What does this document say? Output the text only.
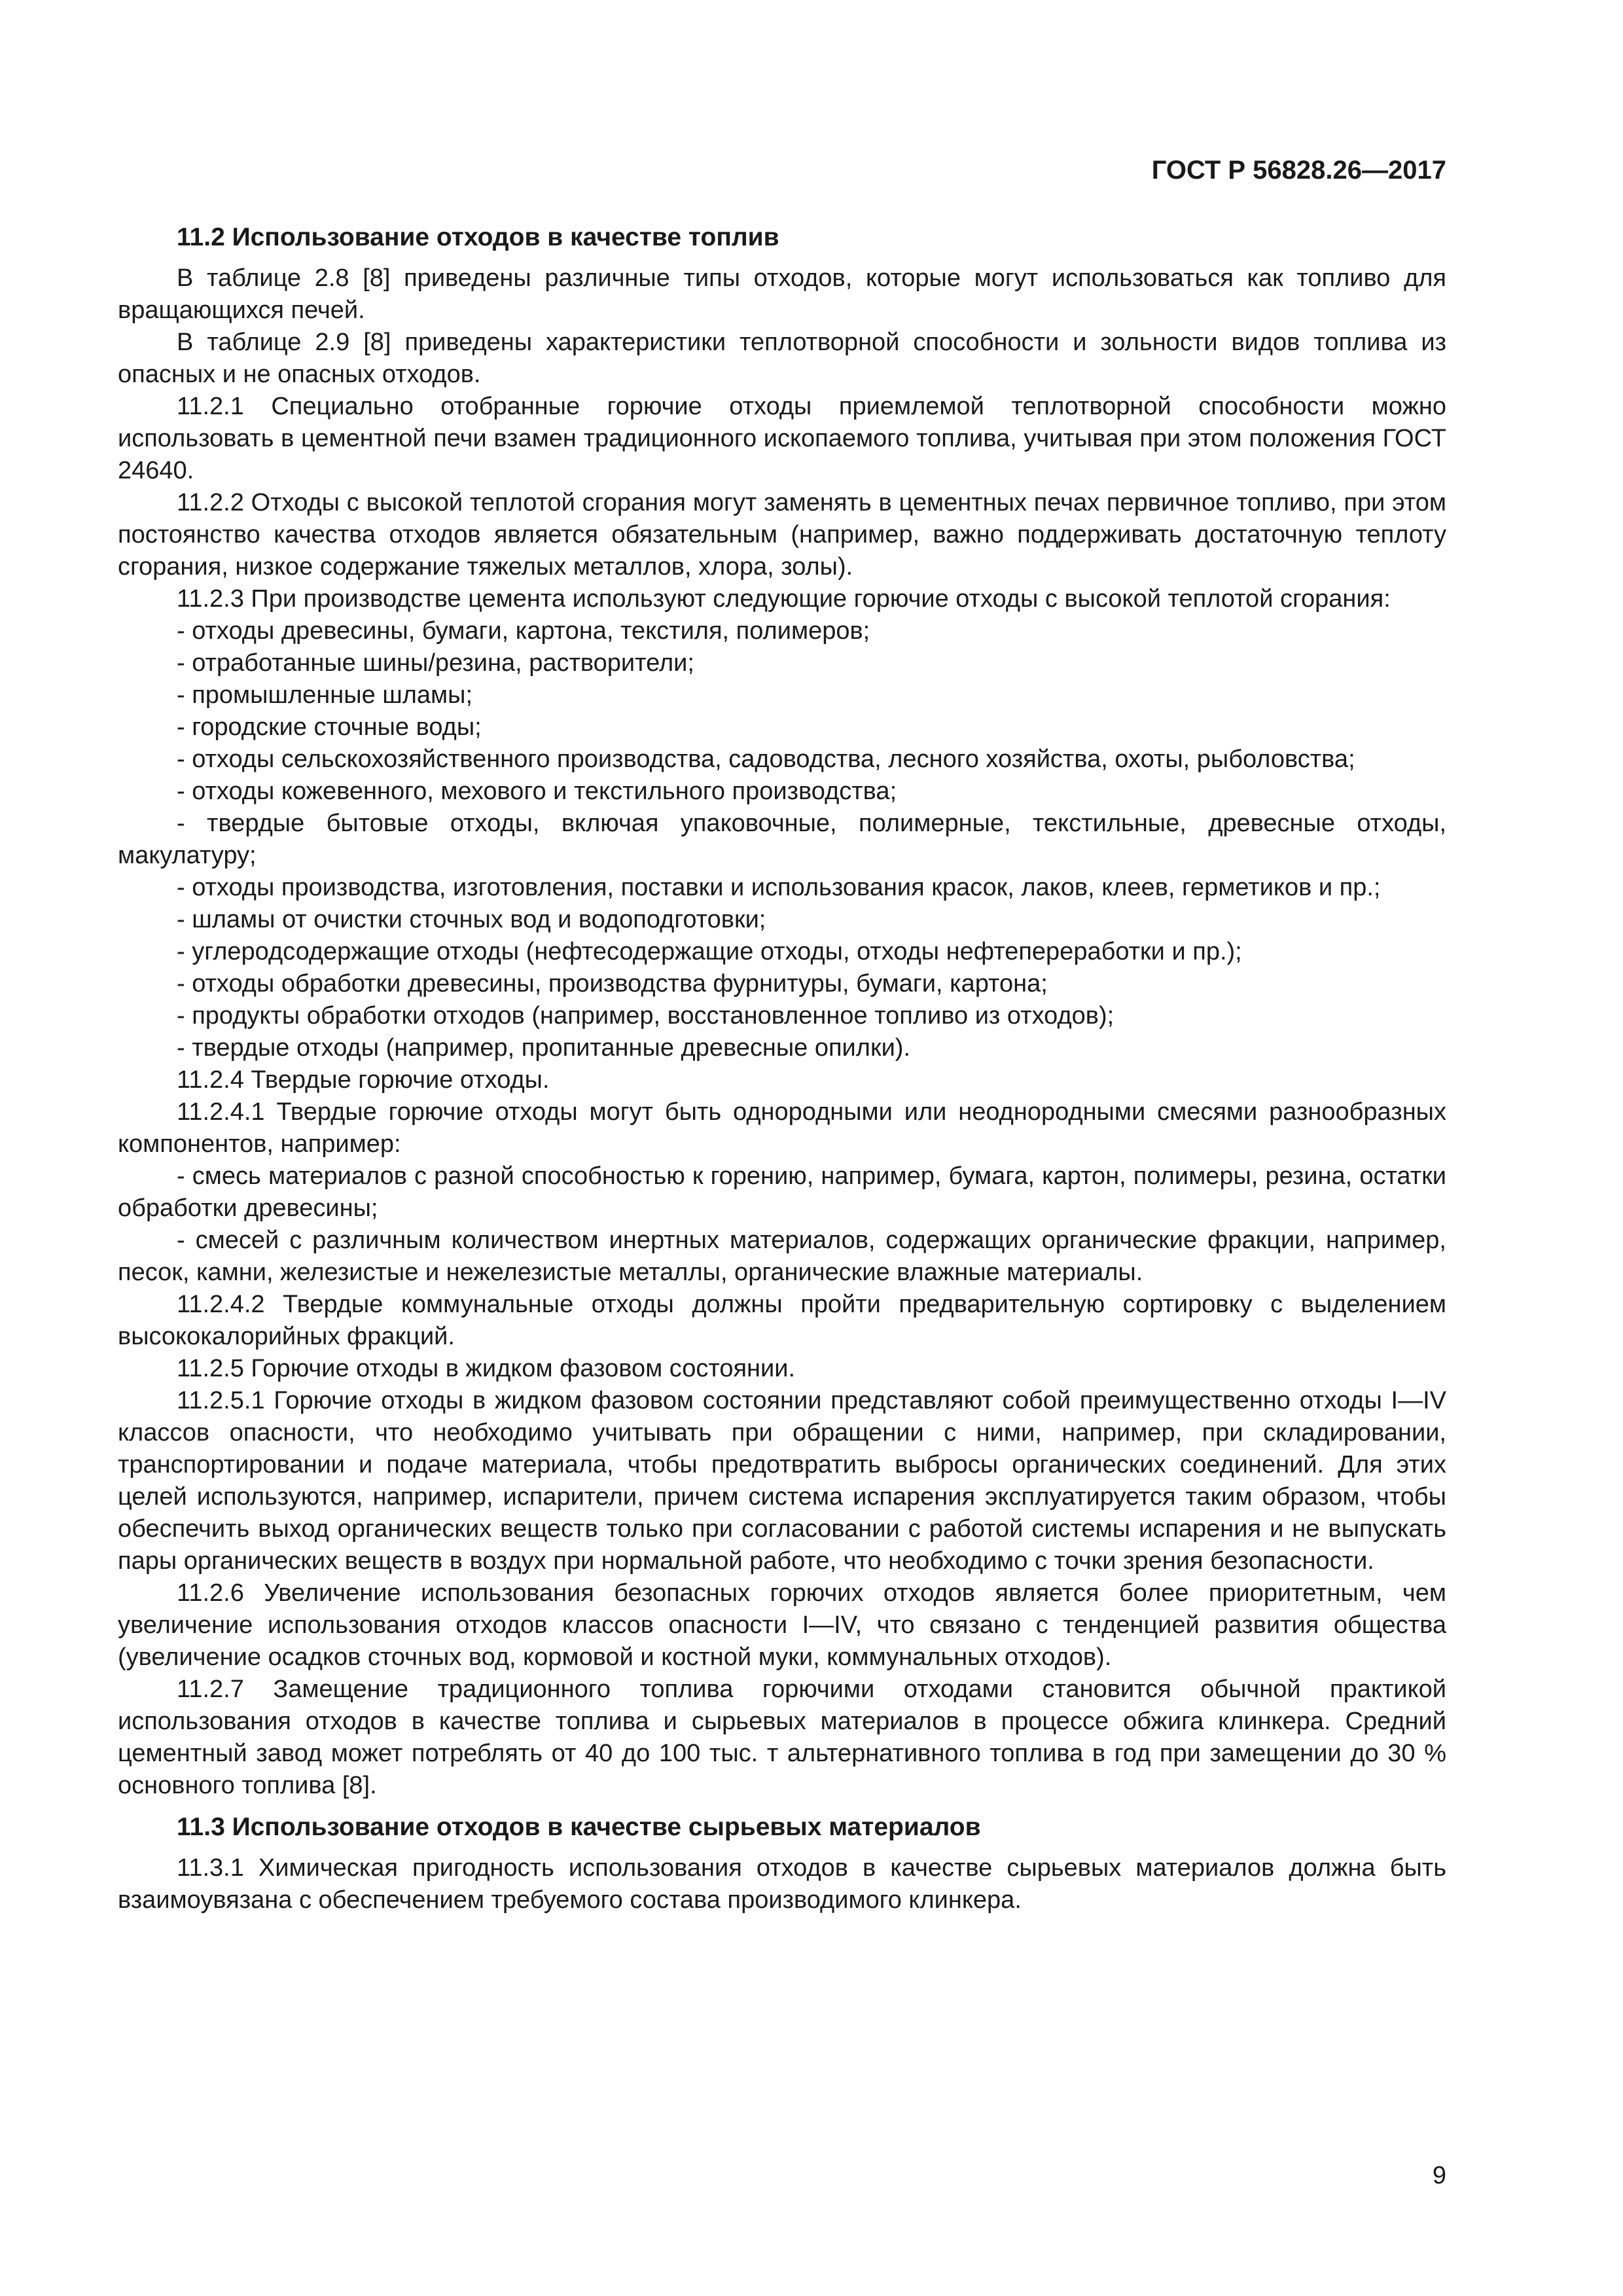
ГОСТ Р 56828.26—2017
11.2 Использование отходов в качестве топлив

В таблице 2.8 [8] приведены различные типы отходов, которые могут использоваться как топливо для вращающихся печей.

В таблице 2.9 [8] приведены характеристики теплотворной способности и зольности видов топлива из опасных и не опасных отходов.

11.2.1 Специально отобранные горючие отходы приемлемой теплотворной способности можно использовать в цементной печи взамен традиционного ископаемого топлива, учитывая при этом положения ГОСТ 24640.

11.2.2 Отходы с высокой теплотой сгорания могут заменять в цементных печах первичное топливо, при этом постоянство качества отходов является обязательным (например, важно поддерживать достаточную теплоту сгорания, низкое содержание тяжелых металлов, хлора, золы).

11.2.3 При производстве цемента используют следующие горючие отходы с высокой теплотой сгорания:

- отходы древесины, бумаги, картона, текстиля, полимеров;

- отработанные шины/резина, растворители;

- промышленные шламы;

- городские сточные воды;

- отходы сельскохозяйственного производства, садоводства, лесного хозяйства, охоты, рыболовства;

- отходы кожевенного, мехового и текстильного производства;

- твердые бытовые отходы, включая упаковочные, полимерные, текстильные, древесные отходы, макулатуру;

- отходы производства, изготовления, поставки и использования красок, лаков, клеев, герметиков и пр.;

- шламы от очистки сточных вод и водоподготовки;

- углеродсодержащие отходы (нефтесодержащие отходы, отходы нефтепереработки и пр.);

- отходы обработки древесины, производства фурнитуры, бумаги, картона;

- продукты обработки отходов (например, восстановленное топливо из отходов);

- твердые отходы (например, пропитанные древесные опилки).

11.2.4 Твердые горючие отходы.

11.2.4.1 Твердые горючие отходы могут быть однородными или неоднородными смесями разнообразных компонентов, например:

- смесь материалов с разной способностью к горению, например, бумага, картон, полимеры, резина, остатки обработки древесины;

- смесей с различным количеством инертных материалов, содержащих органические фракции, например, песок, камни, железистые и нежелезистые металлы, органические влажные материалы.

11.2.4.2 Твердые коммунальные отходы должны пройти предварительную сортировку с выделением высококалорийных фракций.

11.2.5 Горючие отходы в жидком фазовом состоянии.

11.2.5.1 Горючие отходы в жидком фазовом состоянии представляют собой преимущественно отходы I—IV классов опасности, что необходимо учитывать при обращении с ними, например, при складировании, транспортировании и подаче материала, чтобы предотвратить выбросы органических соединений. Для этих целей используются, например, испарители, причем система испарения эксплуатируется таким образом, чтобы обеспечить выход органических веществ только при согласовании с работой системы испарения и не выпускать пары органических веществ в воздух при нормальной работе, что необходимо с точки зрения безопасности.

11.2.6 Увеличение использования безопасных горючих отходов является более приоритетным, чем увеличение использования отходов классов опасности I—IV, что связано с тенденцией развития общества (увеличение осадков сточных вод, кормовой и костной муки, коммунальных отходов).

11.2.7 Замещение традиционного топлива горючими отходами становится обычной практикой использования отходов в качестве топлива и сырьевых материалов в процессе обжига клинкера. Средний цементный завод может потреблять от 40 до 100 тыс. т альтернативного топлива в год при замещении до 30 % основного топлива [8].

11.3 Использование отходов в качестве сырьевых материалов

11.3.1 Химическая пригодность использования отходов в качестве сырьевых материалов должна быть взаимоувязана с обеспечением требуемого состава производимого клинкера.

9
